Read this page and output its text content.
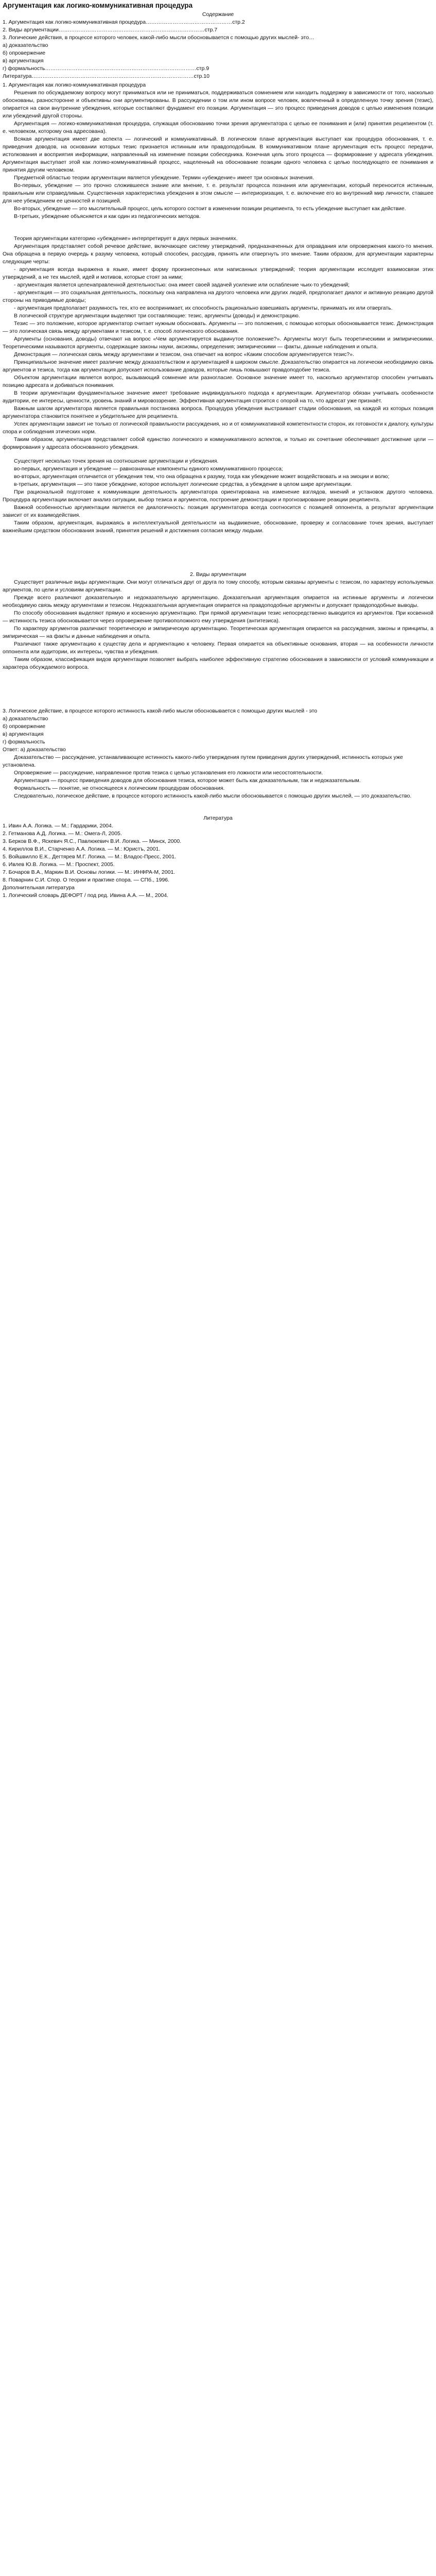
Аргументация как логико-коммуникативная процедура
Содержание

1. Аргументация как логико-коммуникативная процедура…………………………………………стр.2

2. Виды аргументации………………………………………………………………………стр.7

3. Логические действия, в процессе которого человек, какой-либо мысли обосновывается с помощью других мыслей- это…

а) доказательство

б) опровержение

в) аргументация

г) формальность…………………………………………………………………………стр.9

Литература………………………………………………………………………………стр.10

1. Аргументация как логико-коммуникативная процедура

Решения по обсуждаемому вопросу могут приниматься или не приниматься, поддерживаться сомнением или находить поддержку в зависимости от того, насколько обоснованы, разносторонне и объективны они аргументированы. В рассуждении о том или ином вопросе человек, вовлеченный в определенную точку зрения (тезис), опирается на свои внутренние убеждения, которые составляют фундамент его позиции. Аргументация — это процесс приведения доводов с целью изменения позиции или убеждений другой стороны.

Аргументация — логико-коммуникативная процедура, служащая обоснованию точки зрения аргументатора с целью ее понимания и (или) принятия реципиентом (т. е. человеком, которому она адресована).

Всякая аргументация имеет две аспекта — логический и коммуникативный. В логическом плане аргументация выступает как процедура обоснования, т. е. приведения доводов, на основании которых тезис признается истинным или правдоподобным. В коммуникативном плане аргументация есть процесс передачи, истолкования и восприятия информации, направленный на изменение позиции собеседника. Конечная цель этого процесса — формирование у адресата убеждения. Аргументация выступает этой как логико-коммуникативный процесс, нацеленный на обоснование позиции одного человека с целью последующего ее понимания и принятия другим человеком.

Предметной областью теории аргументации является убеждение. Термин «убеждение» имеет три основных значения.

Во-первых, убеждение — это прочно сложившееся знание или мнение, т. е. результат процесса познания или аргументации, который переносится истинным, правильным или справедливым. Существенная характеристика убеждения в этом смысле — интериоризация, т. е. включение его во внутренний мир личности, ставшее для нее убеждением ее ценностей и позицией.

Во-вторых, убеждение — это мыслительный процесс, цель которого состоит в изменении позиции реципиента, то есть убеждение выступает как действие.

В-третьих, убеждение объясняется и как один из педагогических методов.

Теория аргументации категорию «убеждение» интерпретирует в двух первых значениях.

Аргументация представляет собой речевое действие, включающее систему утверждений, предназначенных для оправдания или опровержения какого-то мнения. Она обращена в первую очередь к разуму человека, который способен, рассудив, принять или отвергнуть это мнение. Таким образом, для аргументации характерны следующие черты:

- аргументация всегда выражена в языке, имеет форму произнесенных или написанных утверждений; теория аргументации исследует взаимосвязи этих утверждений, а не тех мыслей, идей и мотивов, которые стоят за ними;

- аргументация является целенаправленной деятельностью: она имеет своей задачей усиление или ослабление чьих-то убеждений;

- аргументация — это социальная деятельность, поскольку она направлена на другого человека или других людей, предполагает диалог и активную реакцию другой стороны на приводимые доводы;

- аргументация предполагает разумность тех, кто ее воспринимает, их способность рационально взвешивать аргументы, принимать их или отвергать.

В логической структуре аргументации выделяют три составляющие: тезис, аргументы (доводы) и демонстрацию.

Тезис — это положение, которое аргументатор считает нужным обосновать. Аргументы — это положения, с помощью которых обосновывается тезис. Демонстрация — это логическая связь между аргументами и тезисом, т. е. способ логического обоснования.

Аргументы (основания, доводы) отвечают на вопрос «Чем аргументируется выдвинутое положение?». Аргументы могут быть теоретическими и эмпирическими. Теоретическими называются аргументы, содержащие законы науки, аксиомы, определения; эмпирическими — факты, данные наблюдения и опыта.

Демонстрация — логическая связь между аргументами и тезисом, она отвечает на вопрос «Каким способом аргументируется тезис?».

Принципиальное значение имеет различие между доказательством и аргументацией в широком смысле. Доказательство опирается на логически необходимую связь аргументов и тезиса, тогда как аргументация допускает использование доводов, которые лишь повышают правдоподобие тезиса.

Объектом аргументации является вопрос, вызывающий сомнение или разногласие. Основное значение имеет то, насколько аргументатор способен учитывать позицию адресата и добиваться понимания.

В теории аргументации фундаментальное значение имеет требование индивидуального подхода к аргументации. Аргументатор обязан учитывать особенности аудитории, ее интересы, ценности, уровень знаний и мировоззрение. Эффективная аргументация строится с опорой на то, что адресат уже признаёт.

Важным шагом аргументатора является правильная постановка вопроса. Процедура убеждения выстраивает стадии обоснования, на каждой из которых позиция аргументатора становится понятнее и убедительнее для реципиента.

Успех аргументации зависит не только от логической правильности рассуждения, но и от коммуникативной компетентности сторон, их готовности к диалогу, культуры спора и соблюдения этических норм.

Таким образом, аргументация представляет собой единство логического и коммуникативного аспектов, и только их сочетание обеспечивает достижение цели — формирования у адресата обоснованного убеждения.

Существует несколько точек зрения на соотношение аргументации и убеждения.

во-первых, аргументация и убеждение — равнозначные компоненты единого коммуникативного процесса;

во-вторых, аргументация отличается от убеждения тем, что она обращена к разуму, тогда как убеждение может воздействовать и на эмоции и волю;

в-третьих, аргументация — это такое убеждение, которое использует логические средства, а убеждение в целом шире аргументации.

При рациональной подготовке к коммуникации деятельность аргументатора ориентирована на изменение взглядов, мнений и установок другого человека. Процедура аргументации включает анализ ситуации, выбор тезиса и аргументов, построение демонстрации и прогнозирование реакции реципиента.

Важной особенностью аргументации является ее диалогичность: позиция аргументатора всегда соотносится с позицией оппонента, а результат аргументации зависит от их взаимодействия.

Таким образом, аргументация, выражаясь в интеллектуальной деятельности на выдвижение, обоснование, проверку и согласование точек зрения, выступает важнейшим средством обоснования знаний, принятия решений и достижения согласия между людьми.

2. Виды аргументации

Существует различные виды аргументации. Они могут отличаться друг от друга по тому способу, которым связаны аргументы с тезисом, по характеру используемых аргументов, по цели и условиям аргументации.

Прежде всего различают доказательную и недоказательную аргументацию. Доказательная аргументация опирается на истинные аргументы и логически необходимую связь между аргументами и тезисом. Недоказательная аргументация опирается на правдоподобные аргументы и допускает правдоподобные выводы.

По способу обоснования выделяют прямую и косвенную аргументацию. При прямой аргументации тезис непосредственно выводится из аргументов. При косвенной — истинность тезиса обосновывается через опровержение противоположного ему утверждения (антитезиса).

По характеру аргументов различают теоретическую и эмпирическую аргументацию. Теоретическая аргументация опирается на рассуждения, законы и принципы, а эмпирическая — на факты и данные наблюдения и опыта.

Различают также аргументацию к существу дела и аргументацию к человеку. Первая опирается на объективные основания, вторая — на особенности личности оппонента или аудитории, их интересы, чувства и убеждения.

Таким образом, классификация видов аргументации позволяет выбрать наиболее эффективную стратегию обоснования в зависимости от условий коммуникации и характера обсуждаемого вопроса.

3. Логическое действие, в процессе которого истинность какой-либо мысли обосновывается с помощью других мыслей - это

а) доказательство

б) опровержение

в) аргументация

г) формальность

Ответ: а) доказательство

Доказательство — рассуждение, устанавливающее истинность какого-либо утверждения путем приведения других утверждений, истинность которых уже установлена.

Опровержение — рассуждение, направленное против тезиса с целью установления его ложности или несостоятельности.

Аргументация — процесс приведения доводов для обоснования тезиса, которое может быть как доказательным, так и недоказательным.

Формальность — понятие, не относящееся к логическим процедурам обоснования.

Следовательно, логическое действие, в процессе которого истинность какой-либо мысли обосновывается с помощью других мыслей, — это доказательство.

Литература

1. Ивин А.А. Логика. — М.: Гардарики, 2004.

2. Гетманова А.Д. Логика. — М.: Омега-Л, 2005.

3. Берков В.Ф., Яскевич Я.С., Павлюкевич В.И. Логика. — Минск, 2000.

4. Кириллов В.И., Старченко А.А. Логика. — М.: Юристъ, 2001.

5. Войшвилло Е.К., Дегтярев М.Г. Логика. — М.: Владос-Пресс, 2001.

6. Ивлев Ю.В. Логика. — М.: Проспект, 2005.

7. Бочаров В.А., Маркин В.И. Основы логики. — М.: ИНФРА-М, 2001.

8. Поварнин С.И. Спор. О теории и практике спора. — СПб., 1996.

Дополнительная литература

1. Логический словарь ДЕФОРТ / под ред. Ивина А.А. — М., 2004.
